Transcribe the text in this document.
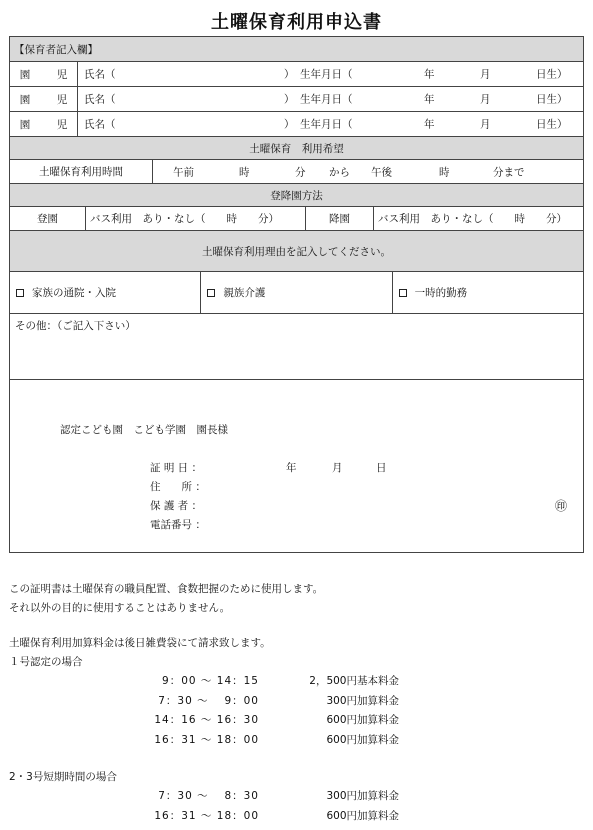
土曜保育利用申込書
【保育者記入欄】
園　児 氏名（	） 生年月日（	年	月	日生）
園　児 氏名（	） 生年月日（	年	月	日生）
園　児 氏名（	） 生年月日（	年	月	日生）
土曜保育　利用希望
土曜保育利用時間	午前	時	分 から 午後	時	分まで
登降園方法
登園	バス利用　あり・なし（　　時　　分）	降園	バス利用　あり・なし（　　時　　分）
土曜保育利用理由を記入してください。
家族の通院・入院	親族介護	一時的勤務
その他：（ご記入下さい）
認定こども園　こども学園　園長様
証 明 日 ：	年	月	日
住　　所 ：
保 護 者 ：	㊞
電話番号 ：
この証明書は土曜保育の職員配置、食数把握のために使用します。
それ以外の目的に使用することはありません。
土曜保育利用加算料金は後日雑費袋にて請求致します。
１号認定の場合
9：00 〜 14：15	2，500円基本料金
7：30 〜 　9：00	300円加算料金
14：16 〜 16：30	600円加算料金
16：31 〜 18：00	600円加算料金
2・3号短期時間の場合
7：30 〜 　8：30	300円加算料金
16：31 〜 18：00	600円加算料金
